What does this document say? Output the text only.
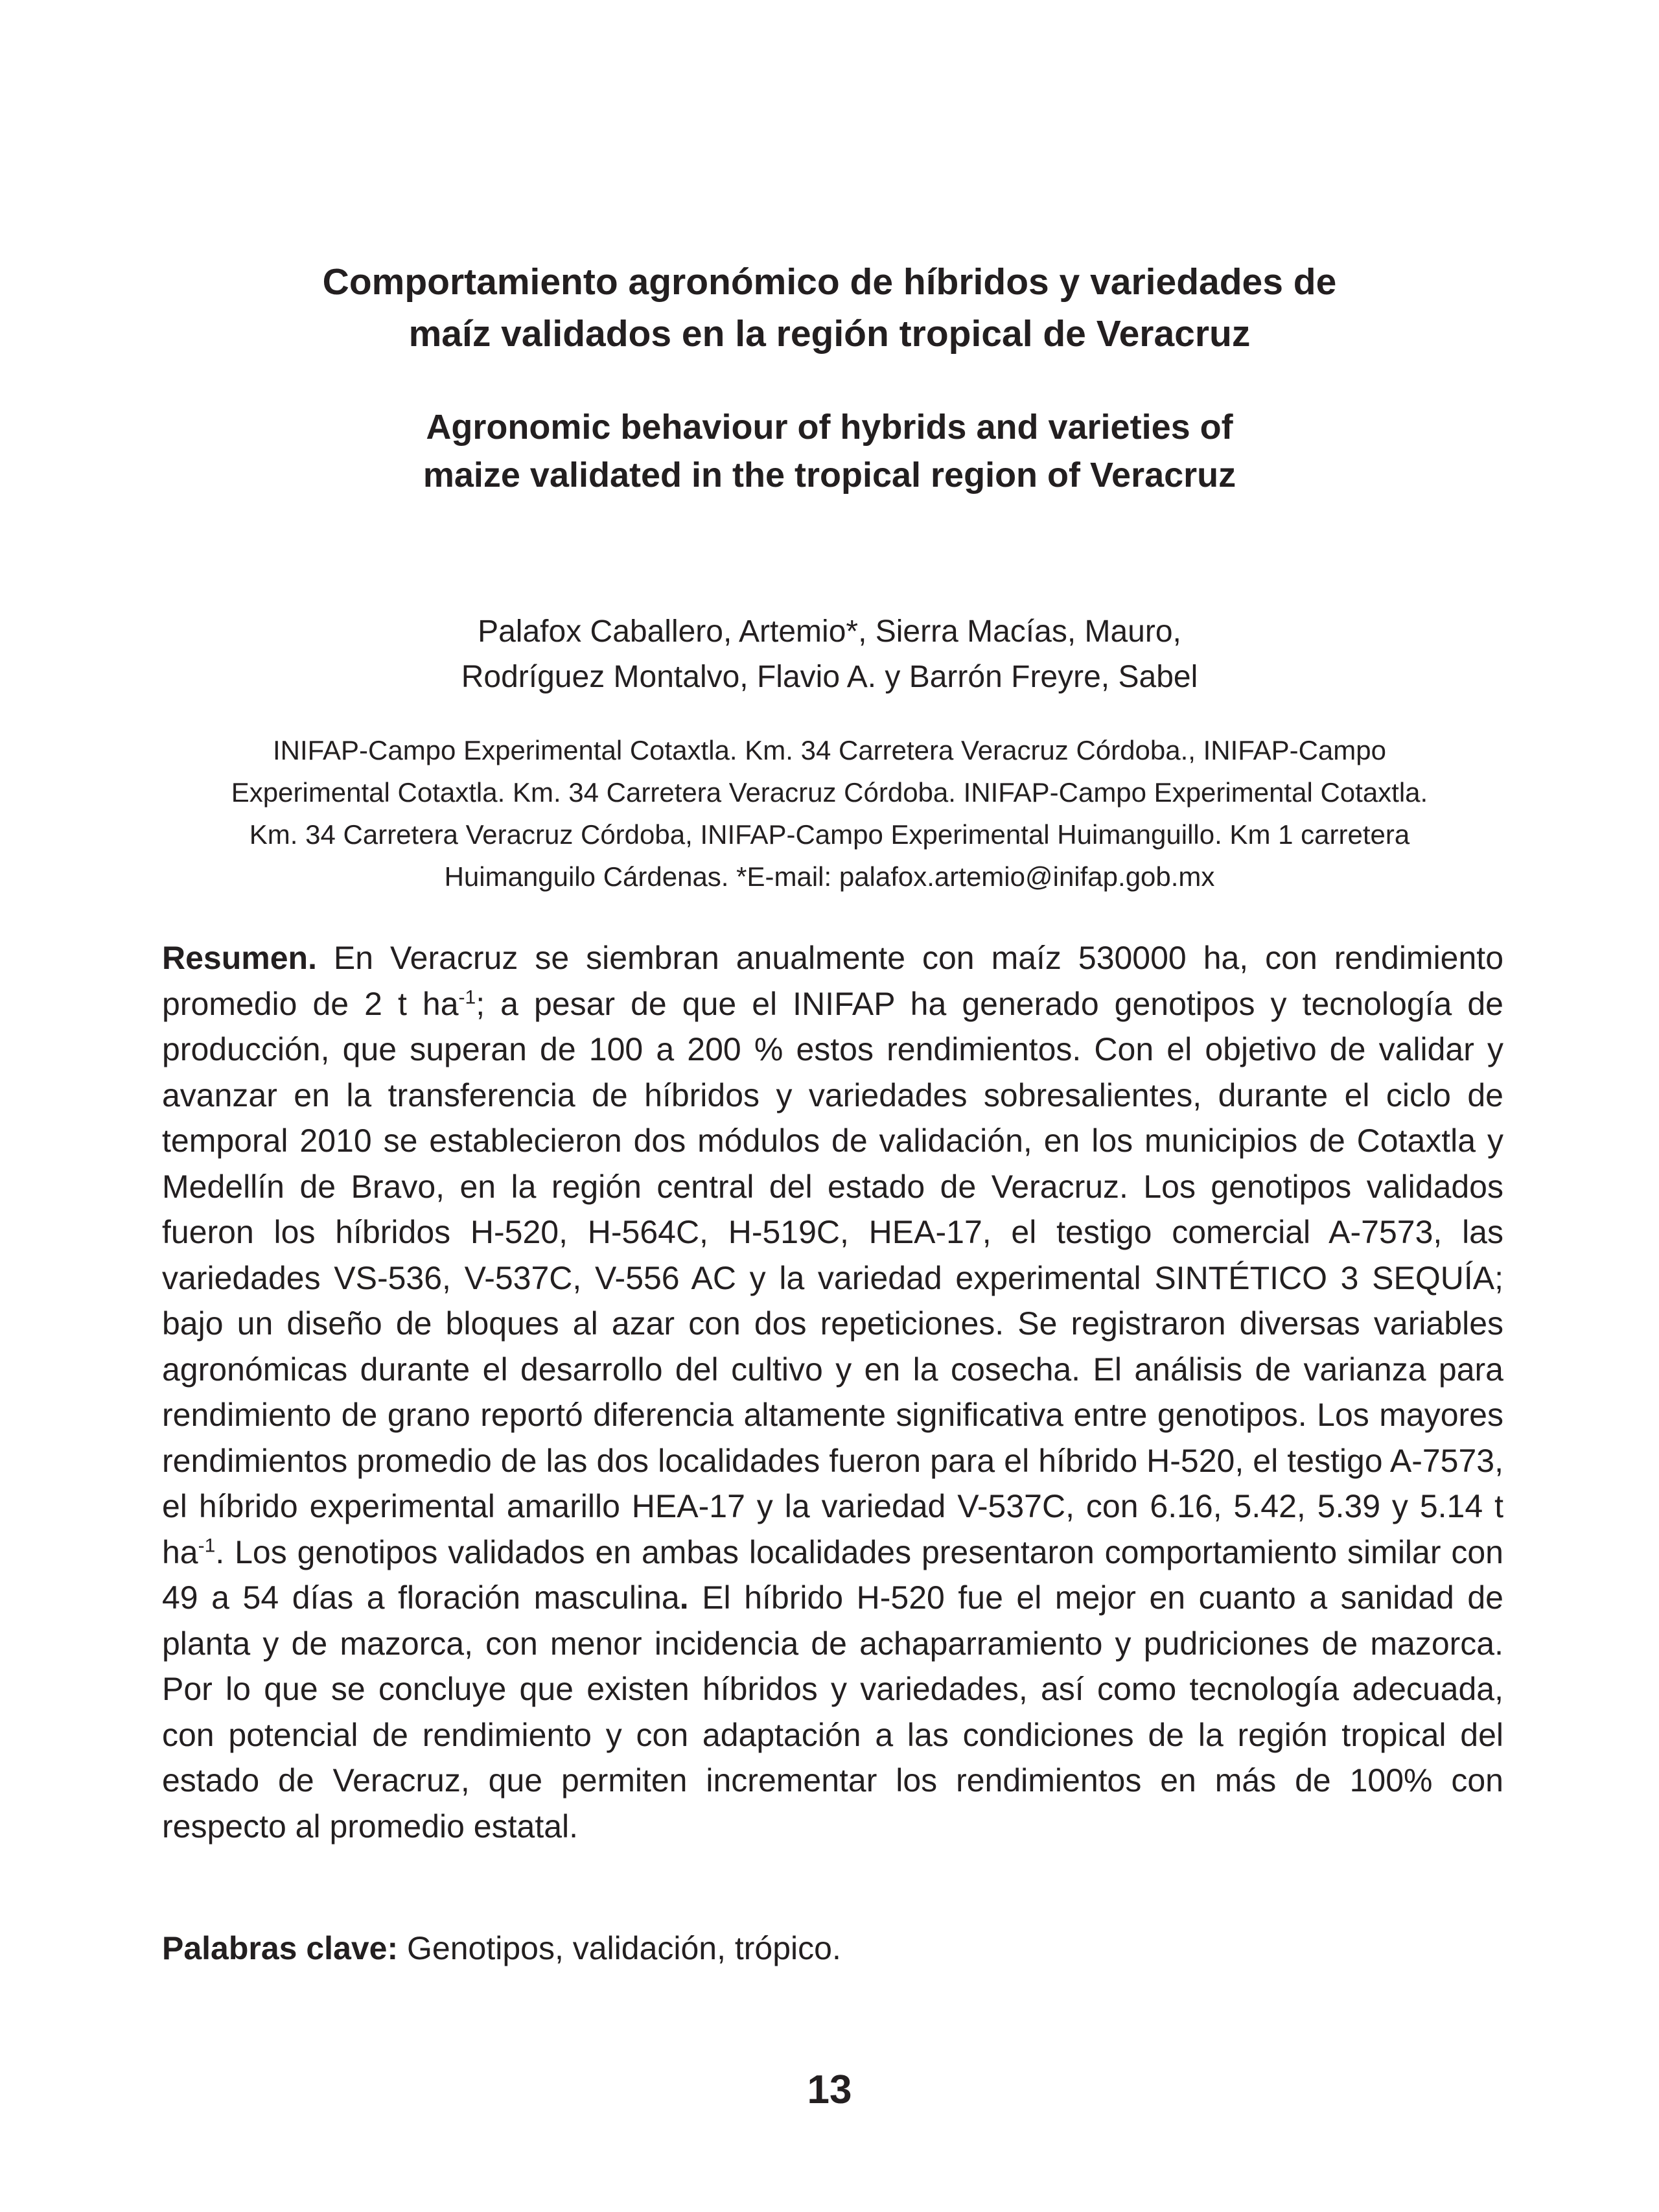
Comportamiento agronómico de híbridos y variedades de
maíz validados en la región tropical de Veracruz
Agronomic behaviour of hybrids and varieties of
maize validated in the tropical region of Veracruz

Palafox Caballero, Artemio*, Sierra Macías, Mauro,
Rodríguez Montalvo, Flavio A. y Barrón Freyre, Sabel

INIFAP-Campo Experimental Cotaxtla. Km. 34 Carretera Veracruz Córdoba., INIFAP-Campo
Experimental Cotaxtla. Km. 34 Carretera Veracruz Córdoba. INIFAP-Campo Experimental Cotaxtla.
Km. 34 Carretera Veracruz Córdoba, INIFAP-Campo Experimental Huimanguillo. Km 1 carretera
Huimanguilo Cárdenas. *E-mail: palafox.artemio@inifap.gob.mx

Resumen. En Veracruz se siembran anualmente con maíz 530000 ha, con rendimiento promedio de 2 t $ha^{-1}$; a pesar de que el INIFAP ha generado genotipos y tecnología de producción, que superan de 100 a 200 % estos rendimientos. Con el objetivo de validar y avanzar en la transferencia de híbridos y variedades sobresalientes, durante el ciclo de temporal 2010 se establecieron dos módulos de validación, en los municipios de Cotaxtla y Medellín de Bravo, en la región central del estado de Veracruz. Los genotipos validados fueron los híbridos H-520, H-564C, H-519C, HEA-17, el testigo comercial A-7573, las variedades VS-536, V-537C, V-556 AC y la variedad experimental SINTÉTICO 3 SEQUÍA; bajo un diseño de bloques al azar con dos repeticiones. Se registraron diversas variables agronómicas durante el desarrollo del cultivo y en la cosecha. El análisis de varianza para rendimiento de grano reportó diferencia altamente significativa entre genotipos. Los mayores rendimientos promedio de las dos localidades fueron para el híbrido H-520, el testigo A-7573, el híbrido experimental amarillo HEA-17 y la variedad V-537C, con 6.16, 5.42, 5.39 y 5.14 t $ha^{-1}$. Los genotipos validados en ambas localidades presentaron comportamiento similar con 49 a 54 días a floración masculina. El híbrido H-520 fue el mejor en cuanto a sanidad de planta y de mazorca, con menor incidencia de achaparramiento y pudriciones de mazorca. Por lo que se concluye que existen híbridos y variedades, así como tecnología adecuada, con potencial de rendimiento y con adaptación a las condiciones de la región tropical del estado de Veracruz, que permiten incrementar los rendimientos en más de 100% con respecto al promedio estatal.

Palabras clave: Genotipos, validación, trópico.

13
